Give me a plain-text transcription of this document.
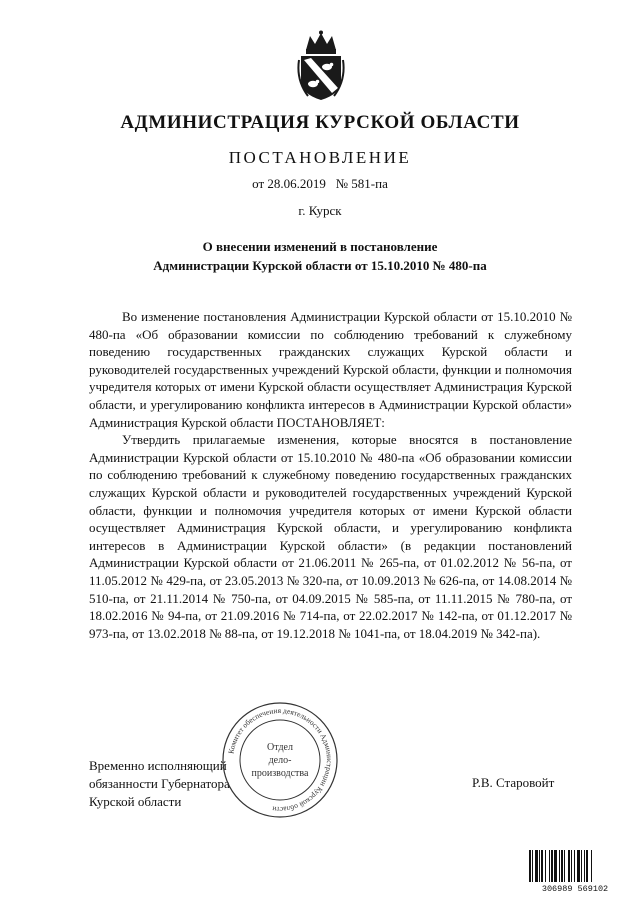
АДМИНИСТРАЦИЯ КУРСКОЙ ОБЛАСТИ
ПОСТАНОВЛЕНИЕ
от 28.06.2019 № 581-па
г. Курск
О внесении изменений в постановление
Администрации Курской области от 15.10.2010 № 480-па

Во изменение постановления Администрации Курской области от 15.10.2010 № 480-па «Об образовании комиссии по соблюдению требований к служебному поведению государственных гражданских служащих Курской области и руководителей государственных учреждений Курской области, функции и полномочия учредителя которых от имени Курской области осуществляет Администрация Курской области, и урегулированию конфликта интересов в Администрации Курской области» Администрация Курской области ПОСТАНОВЛЯЕТ:

Утвердить прилагаемые изменения, которые вносятся в постановление Администрации Курской области от 15.10.2010 № 480-па «Об образовании комиссии по соблюдению требований к служебному поведению государственных гражданских служащих Курской области и руководителей государственных учреждений Курской области, функции и полномочия учредителя которых от имени Курской области осуществляет Администрация Курской области, и урегулированию конфликта интересов в Администрации Курской области» (в редакции постановлений Администрации Курской области от 21.06.2011 № 265-па, от 01.02.2012 № 56-па, от 11.05.2012 № 429-па, от 23.05.2013 № 320-па, от 10.09.2013 № 626-па, от 14.08.2014 № 510-па, от 21.11.2014 № 750-па, от 04.09.2015 № 585-па, от 11.11.2015 № 780-па, от 18.02.2016 № 94-па, от 21.09.2016 № 714-па, от 22.02.2017 № 142-па, от 01.12.2017 № 973-па, от 13.02.2018 № 88-па, от 19.12.2018 № 1041-па, от 18.04.2019 № 342-па).

Временно исполняющий
обязанности Губернатора
Курской области
Р.В. Старовойт
Комитет обеспечения деятельности Администрации Курской области
Отдел
дело-
производства
306989 569102
